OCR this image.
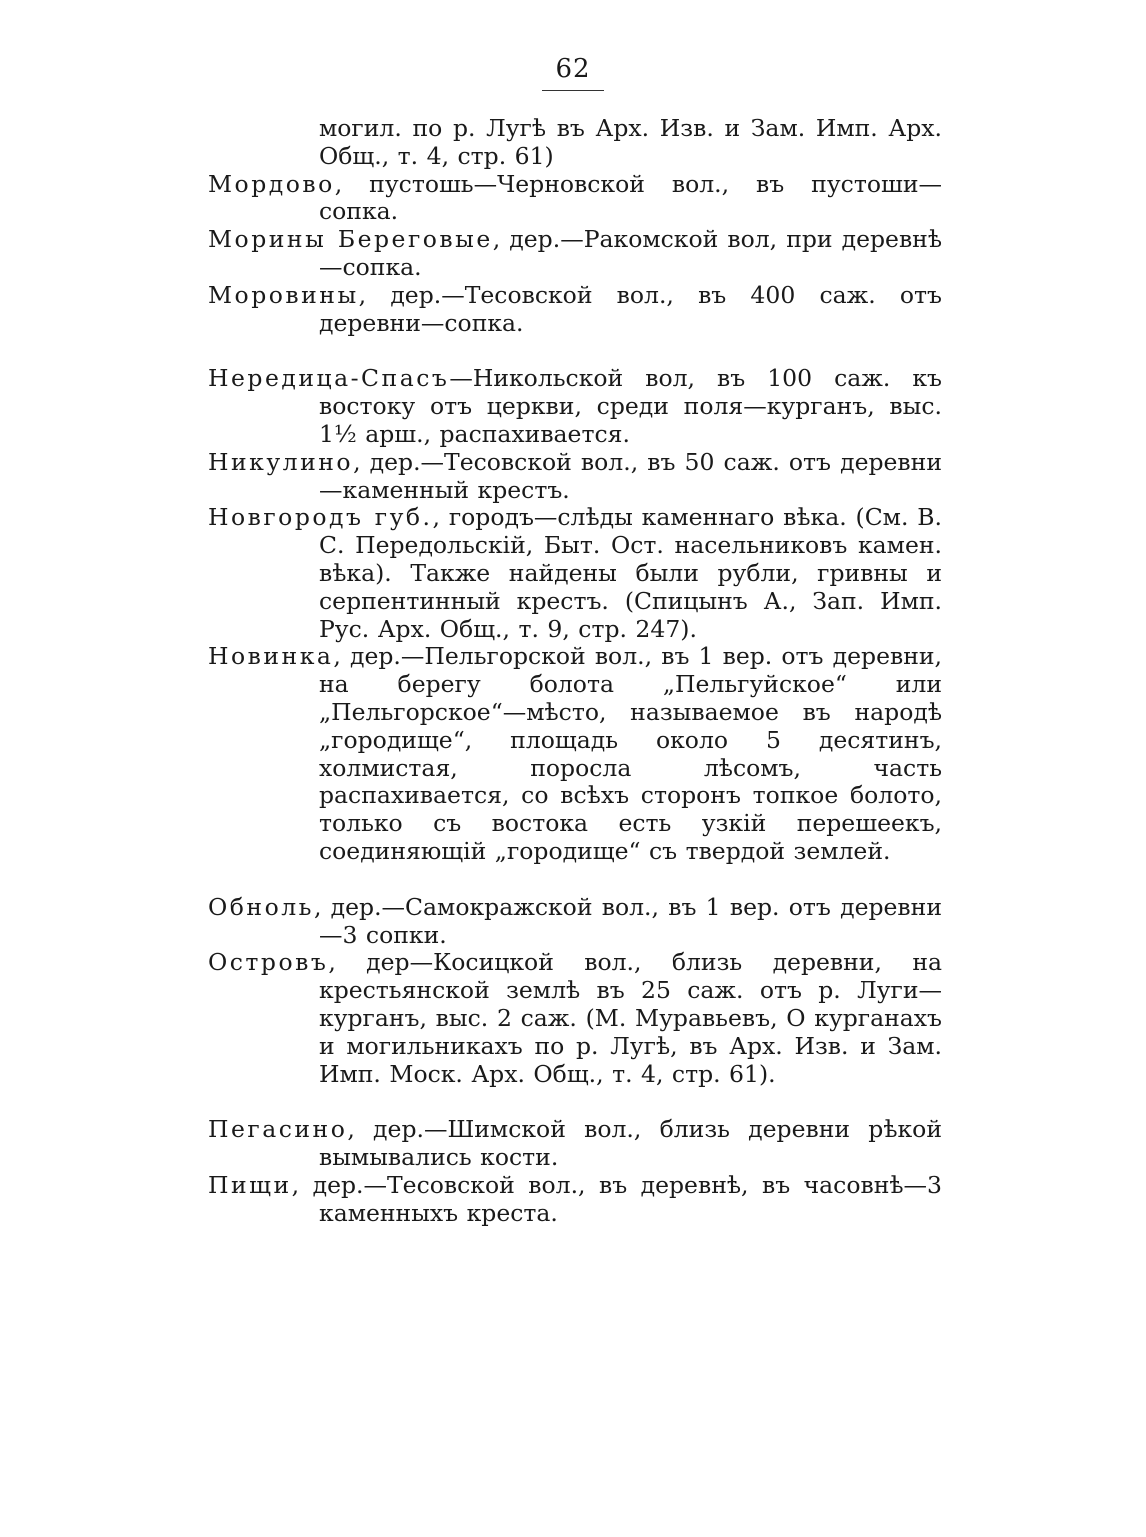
62

могил. по р. Лугѣ въ Арх. Изв. и Зам. Имп. Арх. Общ., т. 4, стр. 61)

Мордово, пустошь—Черновской вол., въ пустоши—сопка.

Морины Береговые, дер.—Ракомской вол, при деревнѣ—сопка.

Моровины, дер.—Тесовской вол., въ 400 саж. отъ деревни—сопка.

Нередица-Спасъ—Никольской вол, въ 100 саж. къ востоку отъ церкви, среди поля—курганъ, выс. 1½ арш., распахивается.

Никулино, дер.—Тесовской вол., въ 50 саж. отъ деревни—каменный крестъ.

Новгородъ губ., городъ—слѣды каменнаго вѣка. (См. В. С. Передольскій, Быт. Ост. насельниковъ камен. вѣка). Также найдены были рубли, гривны и серпентинный крестъ. (Спицынъ А., Зап. Имп. Рус. Арх. Общ., т. 9, стр. 247).

Новинка, дер.—Пельгорской вол., въ 1 вер. отъ деревни, на берегу болота „Пельгуйское“ или „Пельгорское“—мѣсто, называемое въ народѣ „городище“, площадь около 5 десятинъ, холмистая, поросла лѣсомъ, часть распахивается, со всѣхъ сторонъ топкое болото, только съ востока есть узкій перешеекъ, соединяющій „городище“ съ твердой землей.

Обноль, дер.—Самокражской вол., въ 1 вер. отъ деревни—3 сопки.

Островъ, дер—Косицкой вол., близь деревни, на крестьянской землѣ въ 25 саж. отъ р. Луги—курганъ, выс. 2 саж. (М. Муравьевъ, О курганахъ и могильникахъ по р. Лугѣ, въ Арх. Изв. и Зам. Имп. Моск. Арх. Общ., т. 4, стр. 61).

Пегасино, дер.—Шимской вол., близь деревни рѣкой вымывались кости.

Пищи, дер.—Тесовской вол., въ деревнѣ, въ часовнѣ—3 каменныхъ креста.
